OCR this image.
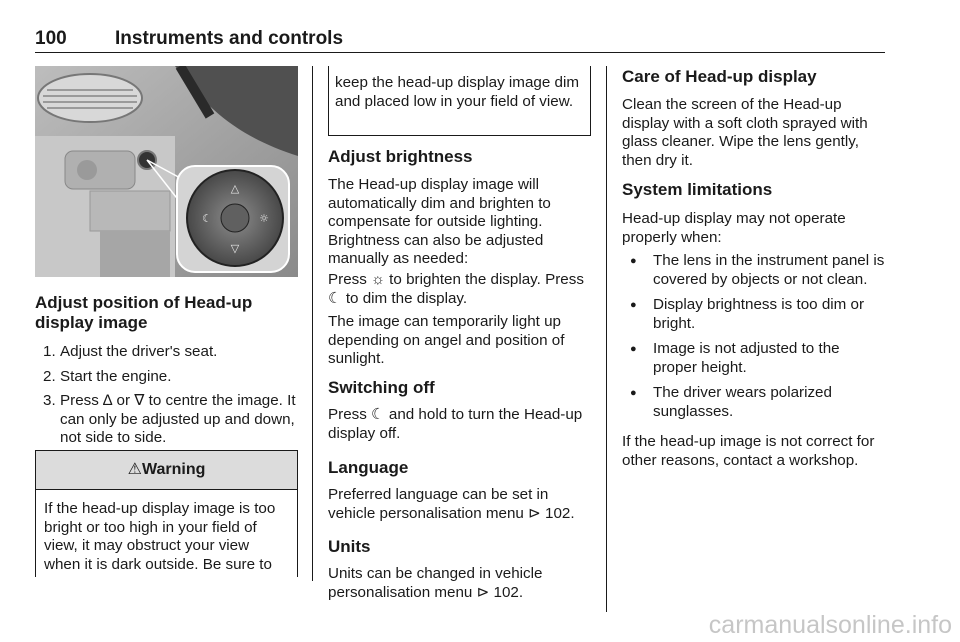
100	Instruments and controls
△
▽
☾	☼
Adjust position of Head-up display image
1. Adjust the driver's seat.
2. Start the engine.
3. Press ∆ or ∇ to centre the image. It can only be adjusted up and down, not side to side.
⚠Warning

If the head-up display image is too bright or too high in your field of view, it may obstruct your view when it is dark outside. Be sure to

keep the head-up display image dim and placed low in your field of view.

Adjust brightness

The Head-up display image will automatically dim and brighten to compensate for outside lighting. Brightness can also be adjusted manually as needed:

Press ☼ to brighten the display. Press ☾ to dim the display.

The image can temporarily light up depending on angel and position of sunlight.

Switching off

Press ☾ and hold to turn the Head-up display off.

Language

Preferred language can be set in vehicle personalisation menu ⊳ 102.

Units

Units can be changed in vehicle personalisation menu ⊳ 102.

Care of Head-up display

Clean the screen of the Head-up display with a soft cloth sprayed with glass cleaner. Wipe the lens gently, then dry it.

System limitations

Head-up display may not operate properly when:

● The lens in the instrument panel is covered by objects or not clean.
● Display brightness is too dim or bright.
● Image is not adjusted to the proper height.
● The driver wears polarized sunglasses.

If the head-up image is not correct for other reasons, contact a workshop.

carmanualsonline.info
